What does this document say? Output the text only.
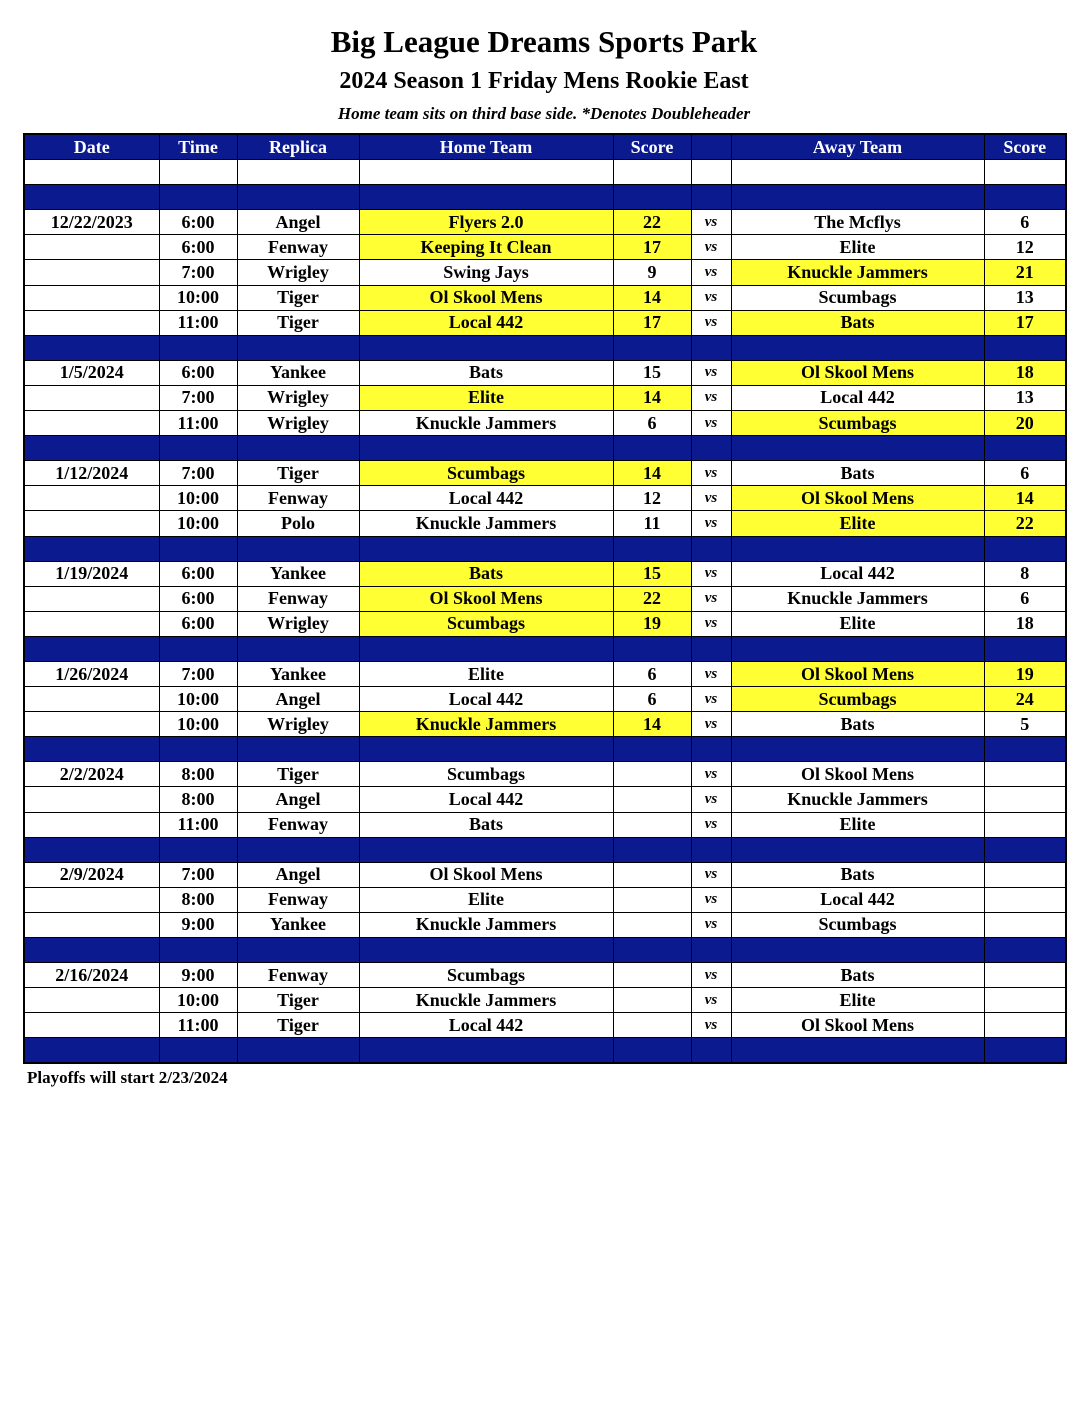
Big League Dreams Sports Park
2024 Season 1 Friday Mens Rookie East
Home team sits on third base side. *Denotes Doubleheader
Date	Time	Replica	Home Team	Score		Away Team	Score

12/22/2023	6:00	Angel	Flyers 2.0	22	vs	The Mcflys	6
	6:00	Fenway	Keeping It Clean	17	vs	Elite	12
	7:00	Wrigley	Swing Jays	9	vs	Knuckle Jammers	21
	10:00	Tiger	Ol Skool Mens	14	vs	Scumbags	13
	11:00	Tiger	Local 442	17	vs	Bats	17

1/5/2024	6:00	Yankee	Bats	15	vs	Ol Skool Mens	18
	7:00	Wrigley	Elite	14	vs	Local 442	13
	11:00	Wrigley	Knuckle Jammers	6	vs	Scumbags	20

1/12/2024	7:00	Tiger	Scumbags	14	vs	Bats	6
	10:00	Fenway	Local 442	12	vs	Ol Skool Mens	14
	10:00	Polo	Knuckle Jammers	11	vs	Elite	22

1/19/2024	6:00	Yankee	Bats	15	vs	Local 442	8
	6:00	Fenway	Ol Skool Mens	22	vs	Knuckle Jammers	6
	6:00	Wrigley	Scumbags	19	vs	Elite	18

1/26/2024	7:00	Yankee	Elite	6	vs	Ol Skool Mens	19
	10:00	Angel	Local 442	6	vs	Scumbags	24
	10:00	Wrigley	Knuckle Jammers	14	vs	Bats	5

2/2/2024	8:00	Tiger	Scumbags		vs	Ol Skool Mens	
	8:00	Angel	Local 442		vs	Knuckle Jammers	
	11:00	Fenway	Bats		vs	Elite	

2/9/2024	7:00	Angel	Ol Skool Mens		vs	Bats	
	8:00	Fenway	Elite		vs	Local 442	
	9:00	Yankee	Knuckle Jammers		vs	Scumbags	

2/16/2024	9:00	Fenway	Scumbags		vs	Bats	
	10:00	Tiger	Knuckle Jammers		vs	Elite	
	11:00	Tiger	Local 442		vs	Ol Skool Mens	

Playoffs will start 2/23/2024
